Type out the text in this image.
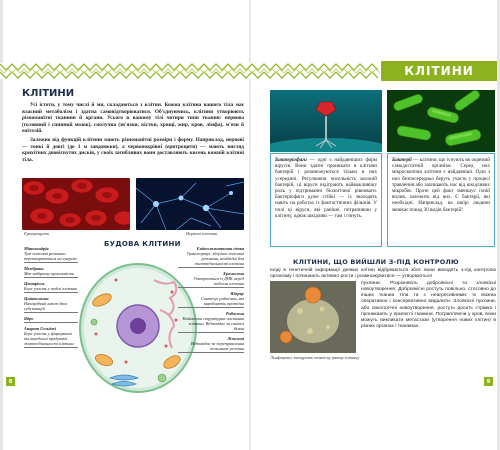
КЛІТИНИ
КЛІТИНИ

Усі істоти, у тому числі й ми, складаються з клітин. Кожна клітина вашого тіла має власний метаболізм і здатна самовідтворюватися. Об'єднуючись, клітини утворюють різноманітні тканини й органи. Усього в вашому тілі чотири типи тканин: нервова (головний і спинний мозок), сполучна (зв'язки, кістки, хрящі, жир, кров, лімфа), м'язи й епітелій.

Залежно від функцій клітини мають різноманітні розміри і форму. Наприклад, нервові — тонкі й довгі (до 1 м завдовжки), а червонокрівні (еритроцити) — мають вигляд крихітних двовігнутих дисків, у своїх загибливих вони доставляють кисень кожній клітині тіла.

Еритроцити	Нервові клітини
БУДОВА КЛІТИНИ
Мітохондрія
Тут поживні речовини перетворюються на енергію
Мембрана
Має вибіркову проникність
Центріоль
Бере участь у поділі клітини
Цитоплазма
Напіврідкий вміст двох субстанцій
Ядро
Апарат Гольджі
Бере участь у формуванні та виведенні продуктів життєдіяльності клітини
Ендоплазматична сітка
Транспортує, зберігає поживні речовини, необхідні для життєдіяльності клітини
Хромосома
Утворюється із ДНК перед поділом клітини
Ядерце
Синтезує рибосоми, які виробляють протеїни
Рибосома
Найменша структурна частинка клітини. Відповідає за синтез білків
Лізосома
Відповідає за перетравлення поживних речовин
8
Бактеріофаги — одні з найдавніших форм вірусів. Вони здатні проникати в клітини бактерій і розмножуються тільки в них усередині. Регулюючи чисельність колоній бактерій, ці віруси відіграють найважливішу роль у підтриманні біологічної рівноваги. Бактеріофаги дуже стійкі — їх знаходять навіть на роботах із фантастичних фільмів. У полі ці віруси, які раніше, потрапивши у клітину, однак шкідливі — там і гинуть.
Бактерії — клітини, що існують як окремий самодостатній організм. Серед них мікроскопічні клітини є найдавніші. Одні з них безпосередньо беруть участь у процесі травлення або захищають нас від шкідливих мікробів. Проте цей факт зменшує їхній вплив, залежить від них. Є бактерії, які необхідні. Наприклад, на шкірі людини мешкає понад 30 видів бактерій!
КЛІТИНИ, ЩО ВИЙШЛИ З-ПІД КОНТРОЛЮ
Іноді в генетичній інформації деяких клітин відбуваються збої: вони виходять з-під контролю організму і починають активно рости і розмножуватися — утворюються
Лімфоцити, знищують злоякісну ракову клітину
пухлини. Розрізняють доброякісні та злоякісні новоутворення. Доброякісні ростуть повільно, стосовно до інших тканин тіла та є неагресивними: їх можна оперативно і консервативно видалити. Злоякісні пухлини, або онкологічні новоутворення, ростуть досить стрімко і проникають у прилеглі тканини. Потрапляючи у кров, вони можуть викликати метастази (утворення нових клітин) в різних органах і тканинах.
9
